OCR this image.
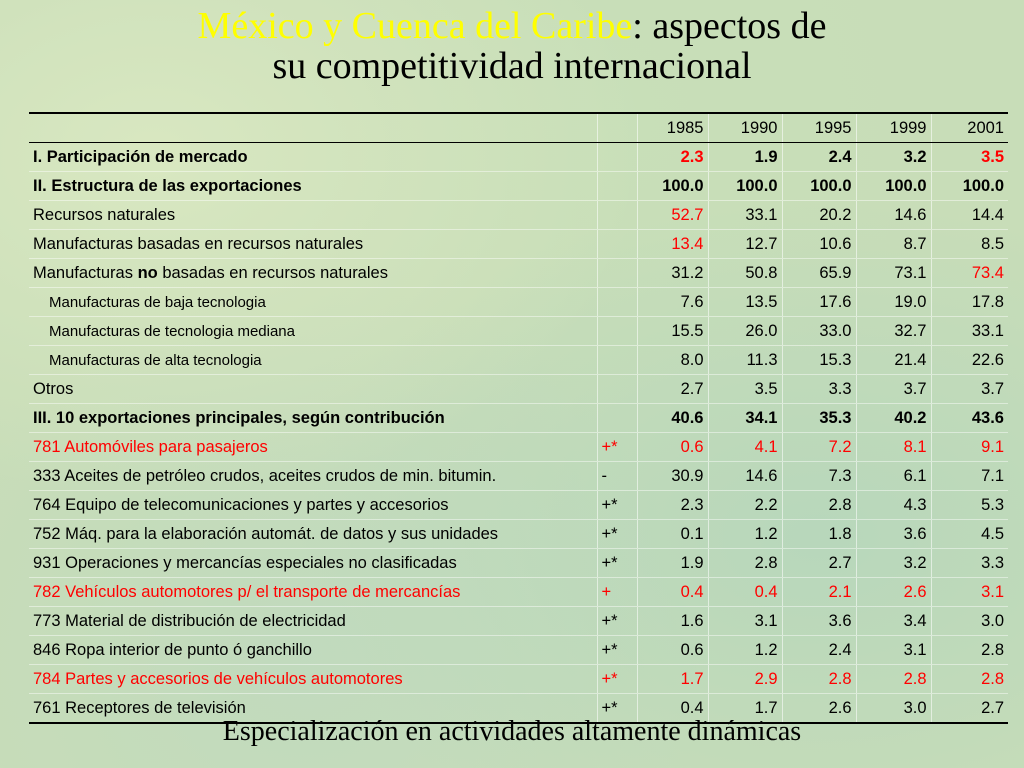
México y Cuenca del Caribe: aspectos de
su competitividad internacional
		1985	1990	1995	1999	2001
I. Participación de mercado		2.3	1.9	2.4	3.2	3.5
II. Estructura de las exportaciones		100.0	100.0	100.0	100.0	100.0
Recursos naturales		52.7	33.1	20.2	14.6	14.4
Manufacturas basadas en recursos naturales		13.4	12.7	10.6	8.7	8.5
Manufacturas no basadas en recursos naturales		31.2	50.8	65.9	73.1	73.4
Manufacturas de baja tecnologia		7.6	13.5	17.6	19.0	17.8
Manufacturas de tecnologia mediana		15.5	26.0	33.0	32.7	33.1
Manufacturas de alta tecnologia		8.0	11.3	15.3	21.4	22.6
Otros		2.7	3.5	3.3	3.7	3.7
III. 10 exportaciones principales, según contribución		40.6	34.1	35.3	40.2	43.6
781 Automóviles para pasajeros	+*	0.6	4.1	7.2	8.1	9.1
333 Aceites de petróleo crudos, aceites crudos de min. bitumin.	-	30.9	14.6	7.3	6.1	7.1
764 Equipo de telecomunicaciones y partes y accesorios	+*	2.3	2.2	2.8	4.3	5.3
752 Máq. para la elaboración automát. de datos y sus unidades	+*	0.1	1.2	1.8	3.6	4.5
931 Operaciones y mercancías especiales no clasificadas	+*	1.9	2.8	2.7	3.2	3.3
782 Vehículos automotores p/ el transporte de mercancías	+	0.4	0.4	2.1	2.6	3.1
773 Material de distribución de electricidad	+*	1.6	3.1	3.6	3.4	3.0
846 Ropa interior de punto ó ganchillo	+*	0.6	1.2	2.4	3.1	2.8
784 Partes y accesorios de vehículos automotores	+*	1.7	2.9	2.8	2.8	2.8
761 Receptores de televisión	+*	0.4	1.7	2.6	3.0	2.7
Especialización en actividades altamente dinámicas
